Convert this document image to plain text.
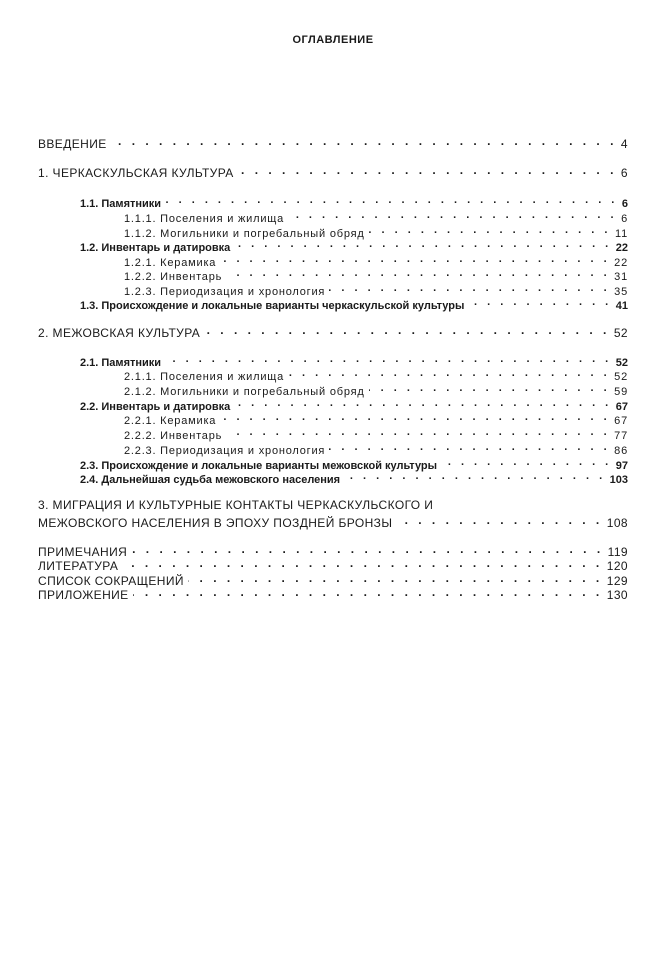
ОГЛАВЛЕНИЕ
ВВЕДЕНИЕ . . .	4
1. ЧЕРКАСКУЛЬСКАЯ КУЛЬТУРА . . .	6
1.1. Памятники . . .	6
1.1.1. Поселения и жилища . . .	6
1.1.2. Могильники и погребальный обряд . . .	11
1.2. Инвентарь и датировка . . .	22
1.2.1. Керамика . . .	22
1.2.2. Инвентарь . . .	31
1.2.3. Периодизация и хронология . . .	35
1.3. Происхождение и локальные варианты черкаскульской культуры . . .	41
2. МЕЖОВСКАЯ КУЛЬТУРА . . .	52
2.1. Памятники . . .	52
2.1.1. Поселения и жилища . . .	52
2.1.2. Могильники и погребальный обряд . . .	59
2.2. Инвентарь и датировка . . .	67
2.2.1. Керамика . . .	67
2.2.2. Инвентарь . . .	77
2.2.3. Периодизация и хронология . . .	86
2.3. Происхождение и локальные варианты межовской культуры . . .	97
2.4. Дальнейшая судьба межовского населения . . .	103
3. МИГРАЦИЯ И КУЛЬТУРНЫЕ КОНТАКТЫ ЧЕРКАСКУЛЬСКОГО И
МЕЖОВСКОГО НАСЕЛЕНИЯ В ЭПОХУ ПОЗДНЕЙ БРОНЗЫ . . .	108
ПРИМЕЧАНИЯ . . .	119
ЛИТЕРАТУРА . . .	120
СПИСОК СОКРАЩЕНИЙ . . .	129
ПРИЛОЖЕНИЕ . . .	130
